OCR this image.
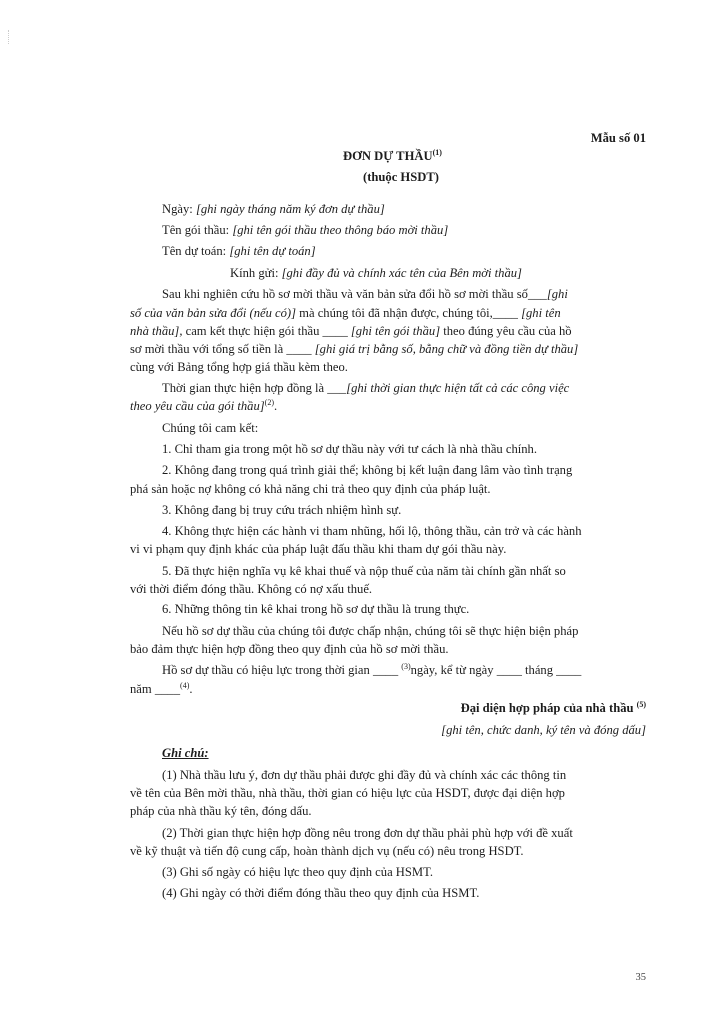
Mẫu số 01
ĐƠN DỰ THẦU$^{(1)}$
(thuộc HSDT)
Ngày: [ghi ngày tháng năm ký đơn dự thầu]
Tên gói thầu: [ghi tên gói thầu theo thông báo mời thầu]
Tên dự toán: [ghi tên dự toán]
Kính gửi: [ghi đầy đủ và chính xác tên của Bên mời thầu]
Sau khi nghiên cứu hồ sơ mời thầu và văn bản sửa đổi hồ sơ mời thầu số___[ghi
số của văn bản sửa đổi (nếu có)] mà chúng tôi đã nhận được, chúng tôi,____ [ghi tên
nhà thầu], cam kết thực hiện gói thầu ____ [ghi tên gói thầu] theo đúng yêu cầu của hồ
sơ mời thầu với tổng số tiền là ____ [ghi giá trị bằng số, bằng chữ và đồng tiền dự thầu]
cùng với Bảng tổng hợp giá thầu kèm theo.
Thời gian thực hiện hợp đồng là ___[ghi thời gian thực hiện tất cả các công việc
theo yêu cầu của gói thầu]$^{(2)}$.
Chúng tôi cam kết:
1. Chỉ tham gia trong một hồ sơ dự thầu này với tư cách là nhà thầu chính.
2. Không đang trong quá trình giải thể; không bị kết luận đang lâm vào tình trạng
phá sản hoặc nợ không có khả năng chi trả theo quy định của pháp luật.
3. Không đang bị truy cứu trách nhiệm hình sự.
4. Không thực hiện các hành vi tham nhũng, hối lộ, thông thầu, cản trở và các hành
vi vi phạm quy định khác của pháp luật đấu thầu khi tham dự gói thầu này.
5. Đã thực hiện nghĩa vụ kê khai thuế và nộp thuế của năm tài chính gần nhất so
với thời điểm đóng thầu. Không có nợ xấu thuế.
6. Những thông tin kê khai trong hồ sơ dự thầu là trung thực.
Nếu hồ sơ dự thầu của chúng tôi được chấp nhận, chúng tôi sẽ thực hiện biện pháp
bảo đảm thực hiện hợp đồng theo quy định của hồ sơ mời thầu.
Hồ sơ dự thầu có hiệu lực trong thời gian ____ $^{(3)}$ngày, kể từ ngày ____ tháng ____
năm ____$^{(4)}$.
Đại diện hợp pháp của nhà thầu $^{(5)}$
[ghi tên, chức danh, ký tên và đóng dấu]
Ghi chú:
(1) Nhà thầu lưu ý, đơn dự thầu phải được ghi đầy đủ và chính xác các thông tin
về tên của Bên mời thầu, nhà thầu, thời gian có hiệu lực của HSDT, được đại diện hợp
pháp của nhà thầu ký tên, đóng dấu.
(2) Thời gian thực hiện hợp đồng nêu trong đơn dự thầu phải phù hợp với đề xuất
về kỹ thuật và tiến độ cung cấp, hoàn thành dịch vụ (nếu có) nêu trong HSDT.
(3) Ghi số ngày có hiệu lực theo quy định của HSMT.
(4) Ghi ngày có thời điểm đóng thầu theo quy định của HSMT.
35
